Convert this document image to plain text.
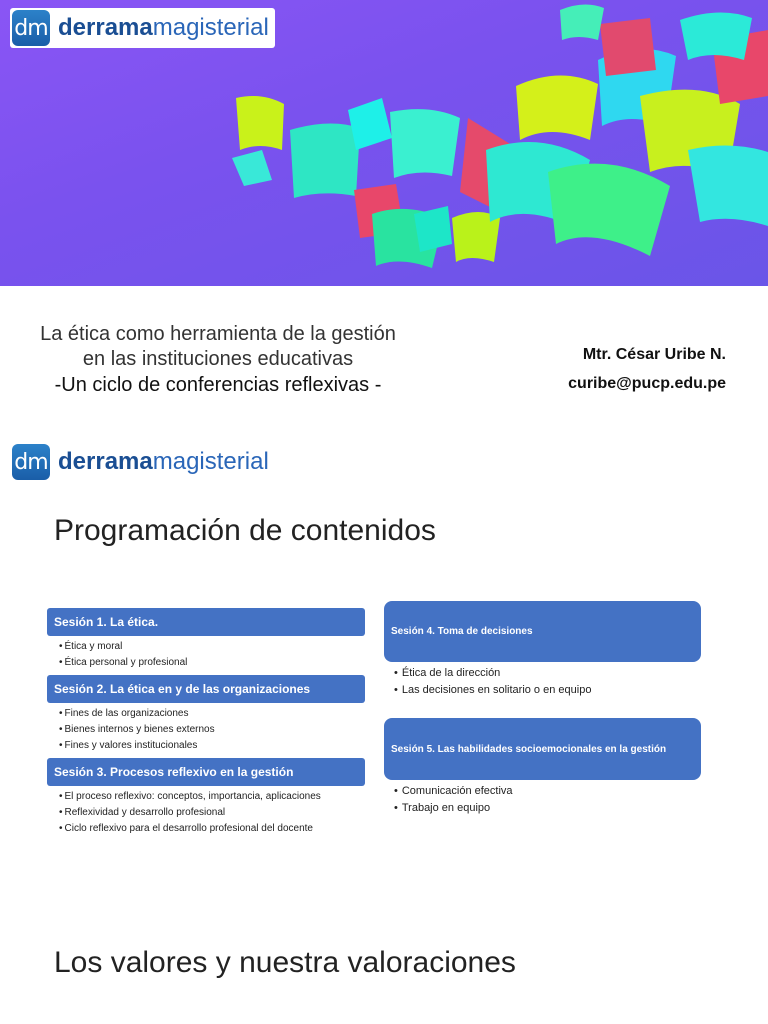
dm derramamagisterial
La ética como herramienta de la gestión
en las instituciones educativas
-Un ciclo de conferencias reflexivas -
Mtr. César Uribe N.
curibe@pucp.edu.pe
dm derramamagisterial
Programación de contenidos
Sesión 1. La ética.
• Ética y moral
• Ética personal y profesional
Sesión 2. La ética en y de las organizaciones
• Fines de las organizaciones
• Bienes internos y bienes externos
• Fines y valores institucionales
Sesión 3. Procesos reflexivo en la gestión
• El proceso reflexivo: conceptos, importancia, aplicaciones
• Reflexividad y desarrollo profesional
• Ciclo reflexivo para el desarrollo profesional del docente
Sesión 4. Toma de decisiones
• Ética de la dirección
• Las decisiones en solitario o en equipo
Sesión 5. Las habilidades socioemocionales en la gestión
• Comunicación efectiva
• Trabajo en equipo
Los valores y nuestra valoraciones
